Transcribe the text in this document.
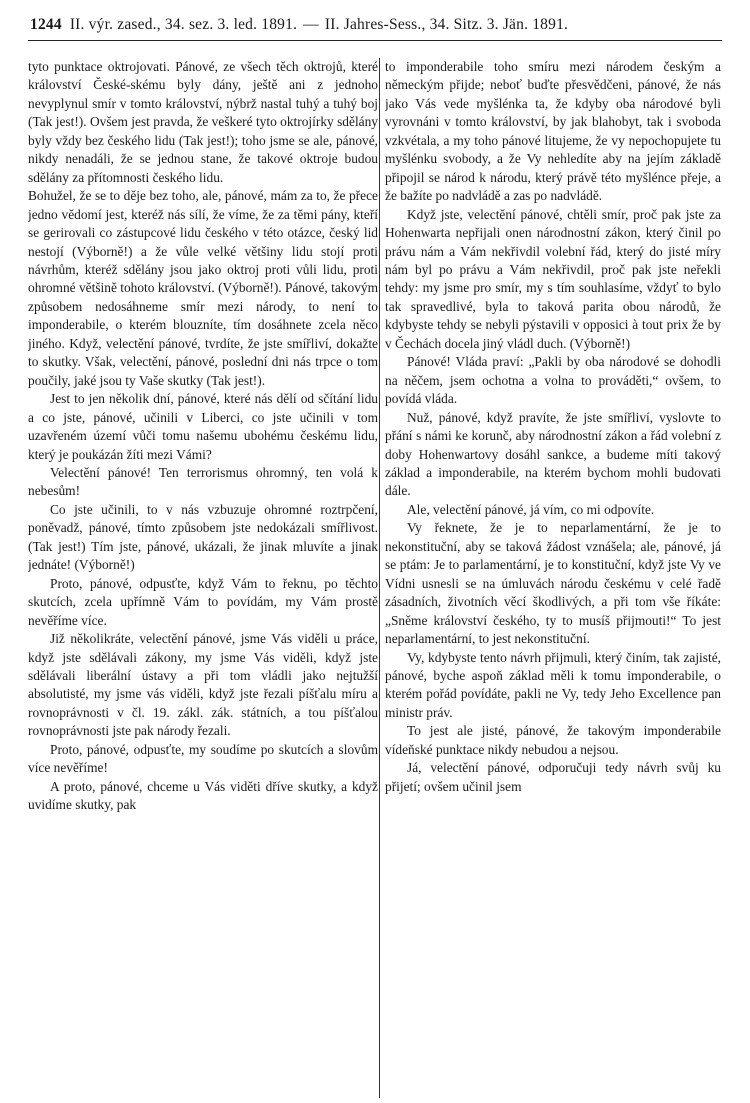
1244 II. výr. zased., 34. sez. 3. led. 1891. — II. Jahres-Sess., 34. Sitz. 3. Jän. 1891.

tyto punktace oktrojovati. Pánové, ze všech těch oktrojů, které království České-skému byly dány, ještě ani z jednoho nevyplynul smír v tomto království, nýbrž nastal tuhý a tuhý boj (Tak jest!). Ovšem jest pravda, že veškeré tyto oktrojírky sdělány byly vždy bez českého lidu (Tak jest!); toho jsme se ale, pánové, nikdy nenadáli, že se jednou stane, že takové oktroje budou sdělány za přítomnosti českého lidu.

Bohužel, že se to děje bez toho, ale, pánové, mám za to, že přece jedno vědomí jest, kteréž nás sílí, že víme, že za těmi pány, kteří se gerirovali co zástupcové lidu českého v této otázce, český lid nestojí (Výborně!) a že vůle velké většiny lidu stojí proti návrhům, kteréž sdělány jsou jako oktroj proti vůli lidu, proti ohromné většině tohoto království. (Výborně!). Pánové, takovým způsobem nedosáhneme smír mezi národy, to není to imponderabile, o kterém blouzníte, tím dosáhnete zcela něco jiného. Když, velectění pánové, tvrdíte, že jste smířliví, dokažte to skutky. Však, velectění, pánové, poslední dni nás trpce o tom poučily, jaké jsou ty Vaše skutky (Tak jest!).

Jest to jen několik dní, pánové, které nás dělí od sčítání lidu a co jste, pánové, učinili v Liberci, co jste učinili v tom uzavřeném území vůči tomu našemu ubohému českému lidu, který je poukázán žíti mezi Vámi?

Velectění pánové! Ten terrorismus ohromný, ten volá k nebesům!

Co jste učinili, to v nás vzbuzuje ohromné roztrpčení, poněvadž, pánové, tímto způsobem jste nedokázali smířlivost. (Tak jest!) Tím jste, pánové, ukázali, že jinak mluvíte a jinak jednáte! (Výborně!)

Proto, pánové, odpusťte, když Vám to řeknu, po těchto skutcích, zcela upřímně Vám to povídám, my Vám prostě nevěříme více.

Již několikráte, velectění pánové, jsme Vás viděli u práce, když jste sdělávali zákony, my jsme Vás viděli, když jste sdělávali liberální ústavy a při tom vládli jako nejtužší absolutisté, my jsme vás viděli, když jste řezali píšťalu míru a rovnoprávnosti v čl. 19. zákl. zák. státních, a tou píšťalou rovnoprávnosti jste pak národy řezali.

Proto, pánové, odpusťte, my soudíme po skutcích a slovům více nevěříme!

A proto, pánové, chceme u Vás viděti dříve skutky, a když uvidíme skutky, pak

to imponderabile toho smíru mezi národem českým a německým přijde; neboť buďte přesvědčeni, pánové, že nás jako Vás vede myšlénka ta, že kdyby oba národové byli vyrovnáni v tomto království, by jak blahobyt, tak i svoboda vzkvétala, a my toho pánové litujeme, že vy nepochopujete tu myšlénku svobody, a že Vy nehledíte aby na jejím základě připojil se národ k národu, který právě této myšlénce přeje, a že bažíte po nadvládě a zas po nadvládě.

Když jste, velectění pánové, chtěli smír, proč pak jste za Hohenwarta nepřijali onen národnostní zákon, který činil po právu nám a Vám nekřivdil volební řád, který do jisté míry nám byl po právu a Vám nekřivdil, proč pak jste neřekli tehdy: my jsme pro smír, my s tím souhlasíme, vždyť to bylo tak spravedlivé, byla to taková parita obou národů, že kdybyste tehdy se nebyli pýstavili v opposici à tout prix že by v Čechách docela jiný vládl duch. (Výborně!)

Pánové! Vláda praví: „Pakli by oba národové se dohodli na něčem, jsem ochotna a volna to prováděti,“ ovšem, to povídá vláda.

Nuž, pánové, když pravíte, že jste smířliví, vyslovte to přání s námi ke korunč, aby národnostní zákon a řád volební z doby Hohenwartovy dosáhl sankce, a budeme míti takový základ a imponderabile, na kterém bychom mohli budovati dále.

Ale, velectění pánové, já vím, co mi odpovíte.

Vy řeknete, že je to neparlamentární, že je to nekonstituční, aby se taková žádost vznášela; ale, pánové, já se ptám: Je to parlamentární, je to konstituční, když jste Vy ve Vídni usnesli se na úmluvách národu českému v celé řadě zásadních, životních věcí škodlivých, a při tom vše říkáte: „Sněme království českého, ty to musíš přijmouti!“ To jest neparlamentární, to jest nekonstituční.

Vy, kdybyste tento návrh přijmuli, který činím, tak zajisté, pánové, byche aspoň základ měli k tomu imponderabile, o kterém pořád povídáte, pakli ne Vy, tedy Jeho Excellence pan ministr práv.

To jest ale jisté, pánové, že takovým imponderabile vídeňské punktace nikdy nebudou a nejsou.

Já, velectění pánové, odporučuji tedy návrh svůj ku přijetí; ovšem učinil jsem
